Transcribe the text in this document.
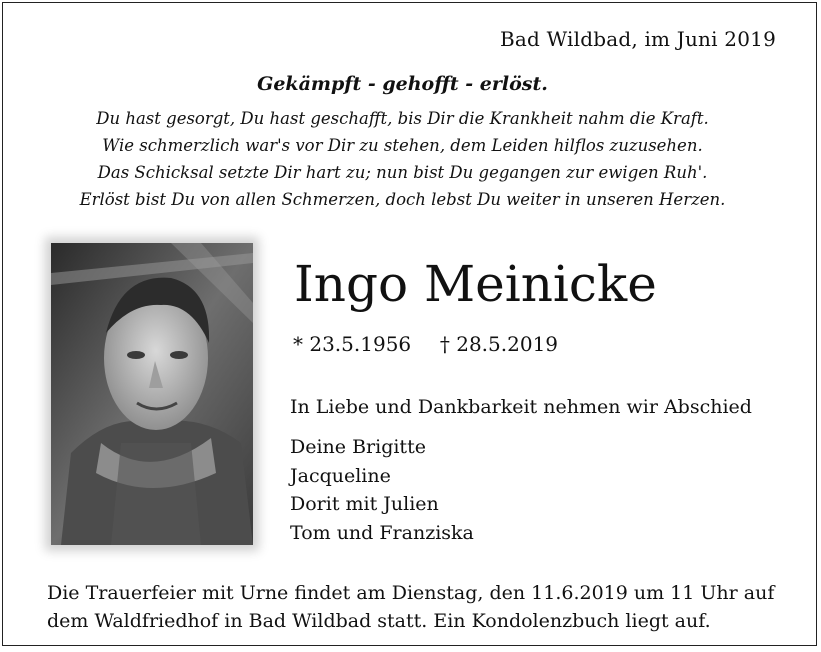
Bad Wildbad, im Juni 2019
Gekämpft - gehofft - erlöst.
Du hast gesorgt, Du hast geschafft, bis Dir die Krankheit nahm die Kraft.
Wie schmerzlich war's vor Dir zu stehen, dem Leiden hilflos zuzusehen.
Das Schicksal setzte Dir hart zu; nun bist Du gegangen zur ewigen Ruh'.
Erlöst bist Du von allen Schmerzen, doch lebst Du weiter in unseren Herzen.
Ingo Meinicke
* 23.5.1956 † 28.5.2019
In Liebe und Dankbarkeit nehmen wir Abschied
Deine Brigitte
Jacqueline
Dorit mit Julien
Tom und Franziska
Die Trauerfeier mit Urne findet am Dienstag, den 11.6.2019 um 11 Uhr auf
dem Waldfriedhof in Bad Wildbad statt. Ein Kondolenzbuch liegt auf.
